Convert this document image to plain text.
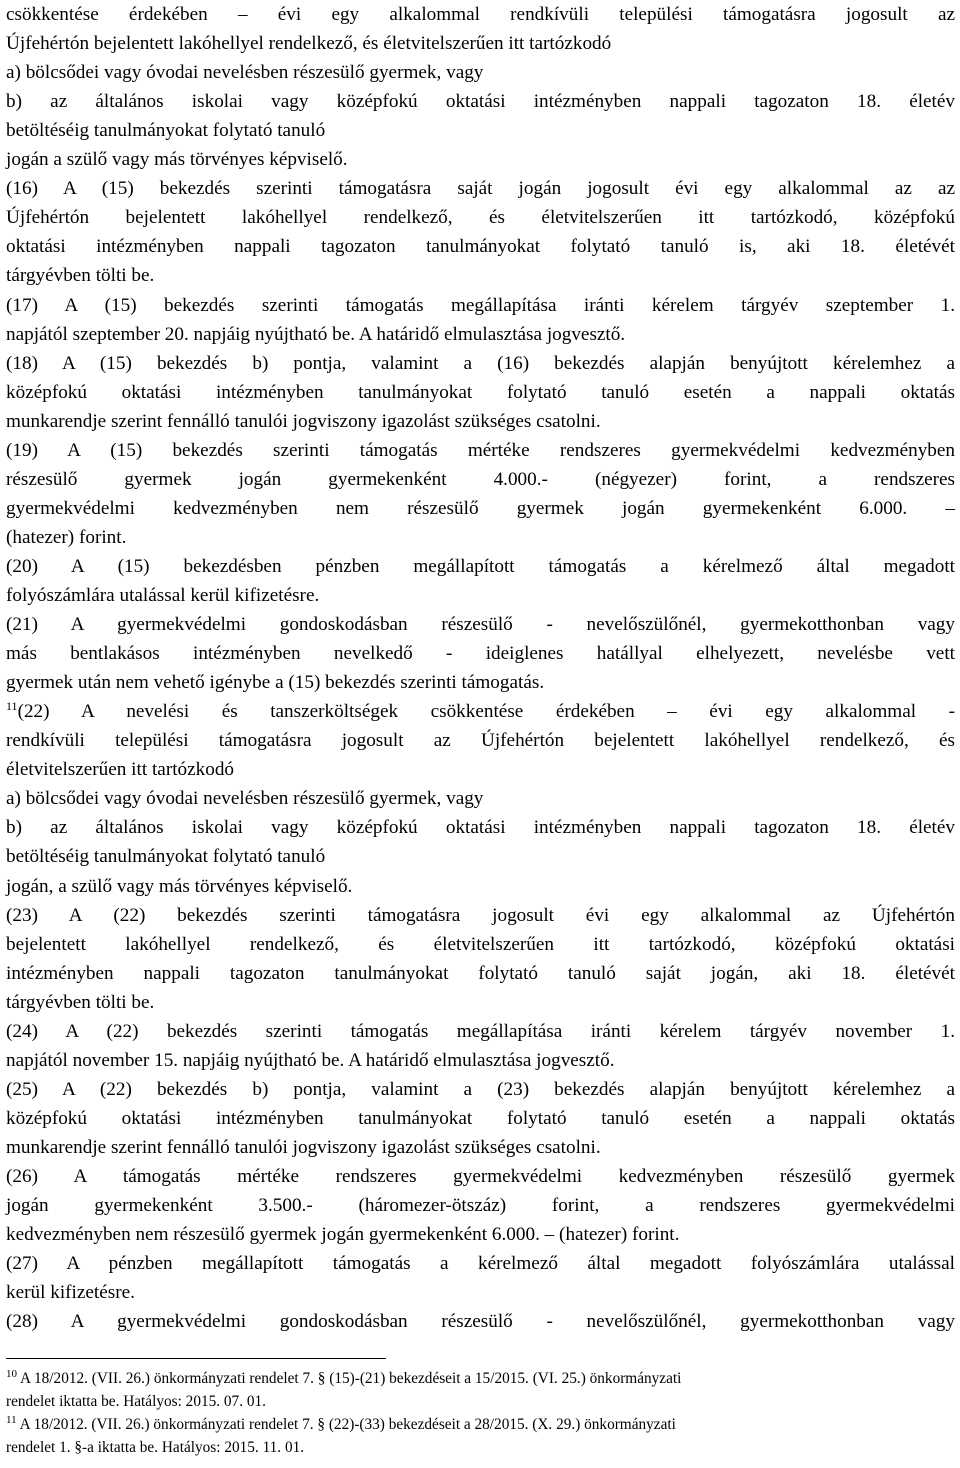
csökkentése érdekében – évi egy alkalommal rendkívüli települési támogatásra jogosult az
Újfehértón bejelentett lakóhellyel rendelkező, és életvitelszerűen itt tartózkodó
a) bölcsődei vagy óvodai nevelésben részesülő gyermek, vagy
b) az általános iskolai vagy középfokú oktatási intézményben nappali tagozaton 18. életév
betöltéséig tanulmányokat folytató tanuló
jogán a szülő vagy más törvényes képviselő.
(16) A (15) bekezdés szerinti támogatásra saját jogán jogosult évi egy alkalommal az az
Újfehértón bejelentett lakóhellyel rendelkező, és életvitelszerűen itt tartózkodó, középfokú
oktatási intézményben nappali tagozaton tanulmányokat folytató tanuló is, aki 18. életévét
tárgyévben tölti be.
(17) A (15) bekezdés szerinti támogatás megállapítása iránti kérelem tárgyév szeptember 1.
napjától szeptember 20. napjáig nyújtható be. A határidő elmulasztása jogvesztő.
(18) A (15) bekezdés b) pontja, valamint a (16) bekezdés alapján benyújtott kérelemhez a
középfokú oktatási intézményben tanulmányokat folytató tanuló esetén a nappali oktatás
munkarendje szerint fennálló tanulói jogviszony igazolást szükséges csatolni.
(19) A (15) bekezdés szerinti támogatás mértéke rendszeres gyermekvédelmi kedvezményben
részesülő gyermek jogán gyermekenként 4.000.- (négyezer) forint, a rendszeres
gyermekvédelmi kedvezményben nem részesülő gyermek jogán gyermekenként 6.000. –
(hatezer) forint.
(20) A (15) bekezdésben pénzben megállapított támogatás a kérelmező által megadott
folyószámlára utalással kerül kifizetésre.
(21) A gyermekvédelmi gondoskodásban részesülő - nevelőszülőnél, gyermekotthonban vagy
más bentlakásos intézményben nevelkedő - ideiglenes hatállyal elhelyezett, nevelésbe vett
gyermek után nem vehető igénybe a (15) bekezdés szerinti támogatás.
$^{11}$(22) A nevelési és tanszerköltségek csökkentése érdekében – évi egy alkalommal -
rendkívüli települési támogatásra jogosult az Újfehértón bejelentett lakóhellyel rendelkező, és
életvitelszerűen itt tartózkodó
a) bölcsődei vagy óvodai nevelésben részesülő gyermek, vagy
b) az általános iskolai vagy középfokú oktatási intézményben nappali tagozaton 18. életév
betöltéséig tanulmányokat folytató tanuló
jogán, a szülő vagy más törvényes képviselő.
(23) A (22) bekezdés szerinti támogatásra jogosult évi egy alkalommal az Újfehértón
bejelentett lakóhellyel rendelkező, és életvitelszerűen itt tartózkodó, középfokú oktatási
intézményben nappali tagozaton tanulmányokat folytató tanuló saját jogán, aki 18. életévét
tárgyévben tölti be.
(24) A (22) bekezdés szerinti támogatás megállapítása iránti kérelem tárgyév november 1.
napjától november 15. napjáig nyújtható be. A határidő elmulasztása jogvesztő.
(25) A (22) bekezdés b) pontja, valamint a (23) bekezdés alapján benyújtott kérelemhez a
középfokú oktatási intézményben tanulmányokat folytató tanuló esetén a nappali oktatás
munkarendje szerint fennálló tanulói jogviszony igazolást szükséges csatolni.
(26) A támogatás mértéke rendszeres gyermekvédelmi kedvezményben részesülő gyermek
jogán gyermekenként 3.500.- (háromezer-ötszáz) forint, a rendszeres gyermekvédelmi
kedvezményben nem részesülő gyermek jogán gyermekenként 6.000. – (hatezer) forint.
(27) A pénzben megállapított támogatás a kérelmező által megadott folyószámlára utalással
kerül kifizetésre.
(28) A gyermekvédelmi gondoskodásban részesülő - nevelőszülőnél, gyermekotthonban vagy
$^{10}$ A 18/2012. (VII. 26.) önkormányzati rendelet 7. § (15)-(21) bekezdéseit a 15/2015. (VI. 25.) önkormányzati
rendelet iktatta be. Hatályos: 2015. 07. 01.
$^{11}$ A 18/2012. (VII. 26.) önkormányzati rendelet 7. § (22)-(33) bekezdéseit a 28/2015. (X. 29.) önkormányzati
rendelet 1. §-a iktatta be. Hatályos: 2015. 11. 01.
